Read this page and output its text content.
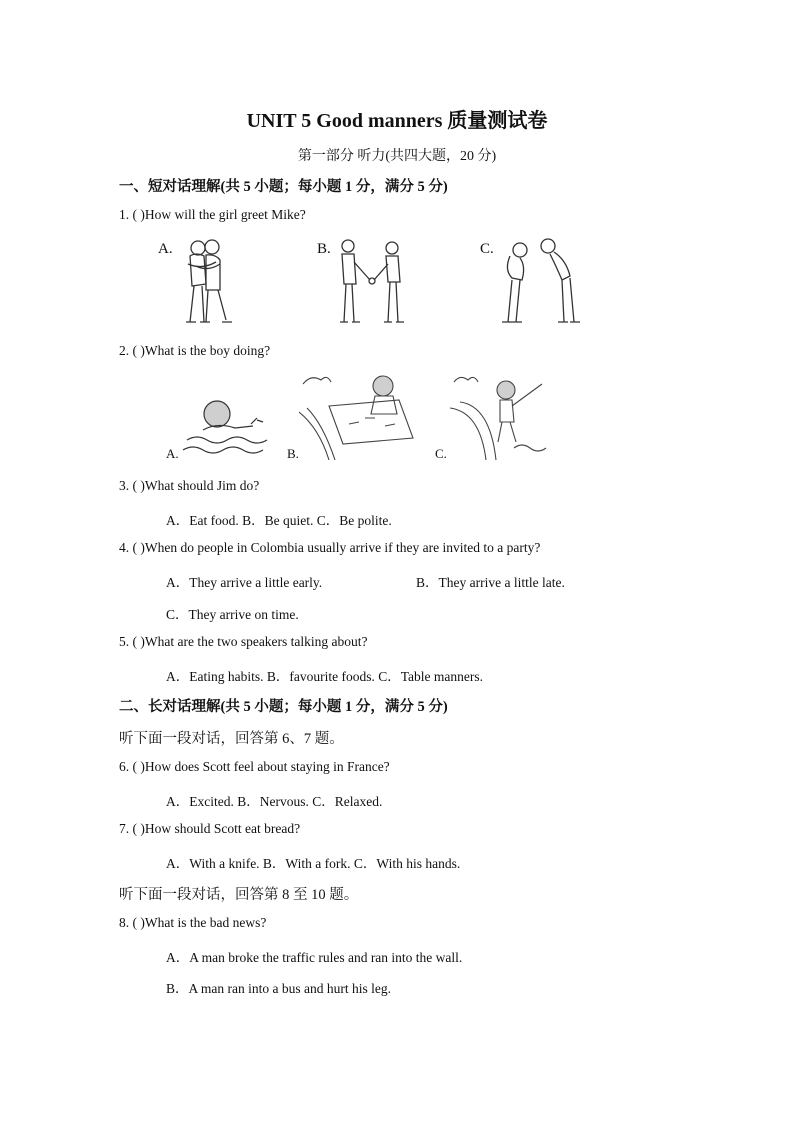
UNIT 5 Good manners 质量测试卷
第一部分 听力(共四大题，20 分)
一、短对话理解(共 5 小题；每小题 1 分，满分 5 分)
1. ( )How will the girl greet Mike?
A.	B.	C.
2. ( )What is the boy doing?
A.	B.	C.
3. ( )What should Jim do?
A．Eat food. B．Be quiet. C．Be polite.
4. ( )When do people in Colombia usually arrive if they are invited to a party?
A．They arrive a little early.	B．They arrive a little late.
C．They arrive on time.
5. ( )What are the two speakers talking about?
A．Eating habits. B．favourite foods. C．Table manners.
二、长对话理解(共 5 小题；每小题 1 分，满分 5 分)
听下面一段对话，回答第 6、7 题。
6. ( )How does Scott feel about staying in France?
A．Excited. B．Nervous. C．Relaxed.
7. ( )How should Scott eat bread?
A．With a knife. B．With a fork. C．With his hands.
听下面一段对话，回答第 8 至 10 题。
8. ( )What is the bad news?
A．A man broke the traffic rules and ran into the wall.
B．A man ran into a bus and hurt his leg.
